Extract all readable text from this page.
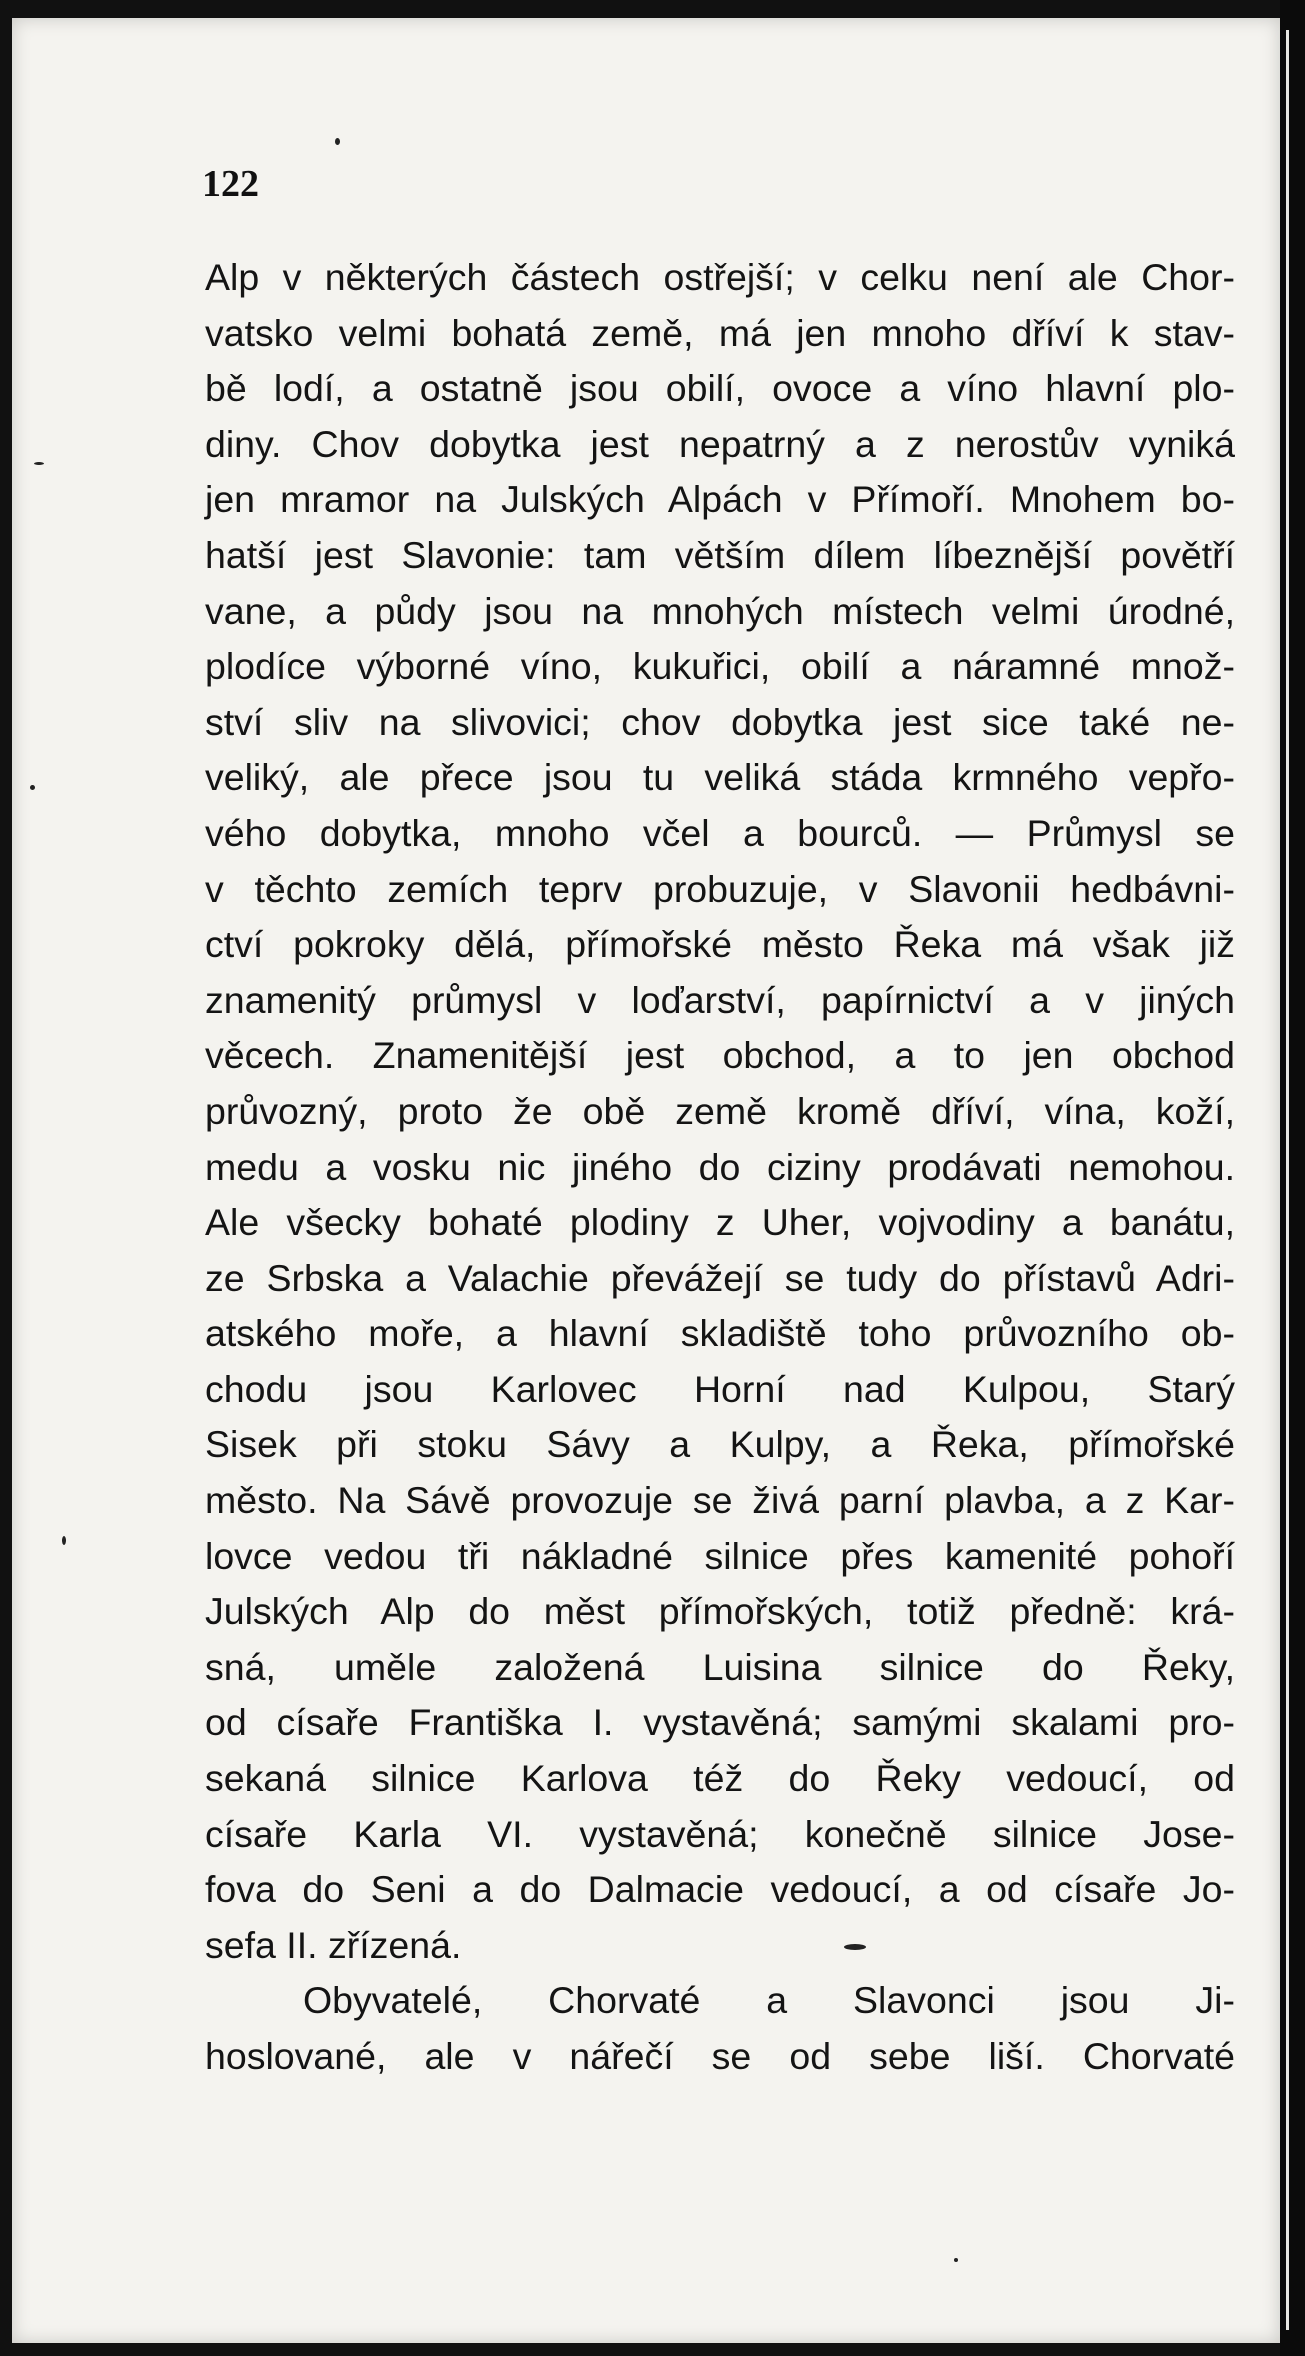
122
Alp v některých částech ostřejší; v celku není ale Chor-
vatsko velmi bohatá země, má jen mnoho dříví k stav-
bě lodí, a ostatně jsou obilí, ovoce a víno hlavní plo-
diny. Chov dobytka jest nepatrný a z nerostův vyniká
jen mramor na Julských Alpách v Přímoří. Mnohem bo-
hatší jest Slavonie: tam větším dílem líbeznější povětří
vane, a půdy jsou na mnohých místech velmi úrodné,
plodíce výborné víno, kukuřici, obilí a náramné množ-
ství sliv na slivovici; chov dobytka jest sice také ne-
veliký, ale přece jsou tu veliká stáda krmného vepřo-
vého dobytka, mnoho včel a bourců. — Průmysl se
v těchto zemích teprv probuzuje, v Slavonii hedbávni-
ctví pokroky dělá, přímořské město Řeka má však již
znamenitý průmysl v loďarství, papírnictví a v jiných
věcech. Znamenitější jest obchod, a to jen obchod
průvozný, proto že obě země kromě dříví, vína, koží,
medu a vosku nic jiného do ciziny prodávati nemohou.
Ale všecky bohaté plodiny z Uher, vojvodiny a banátu,
ze Srbska a Valachie převážejí se tudy do přístavů Adri-
atského moře, a hlavní skladiště toho průvozního ob-
chodu jsou Karlovec Horní nad Kulpou, Starý
Sisek při stoku Sávy a Kulpy, a Řeka, přímořské
město. Na Sávě provozuje se živá parní plavba, a z Kar-
lovce vedou tři nákladné silnice přes kamenité pohoří
Julských Alp do měst přímořských, totiž předně: krá-
sná, uměle založená Luisina silnice do Řeky,
od císaře Františka I. vystavěná; samými skalami pro-
sekaná silnice Karlova též do Řeky vedoucí, od
císaře Karla VI. vystavěná; konečně silnice Jose-
fova do Seni a do Dalmacie vedoucí, a od císaře Jo-
sefa II. zřízená.
Obyvatelé, Chorvaté a Slavonci jsou Ji-
hoslované, ale v nářečí se od sebe liší. Chorvaté
